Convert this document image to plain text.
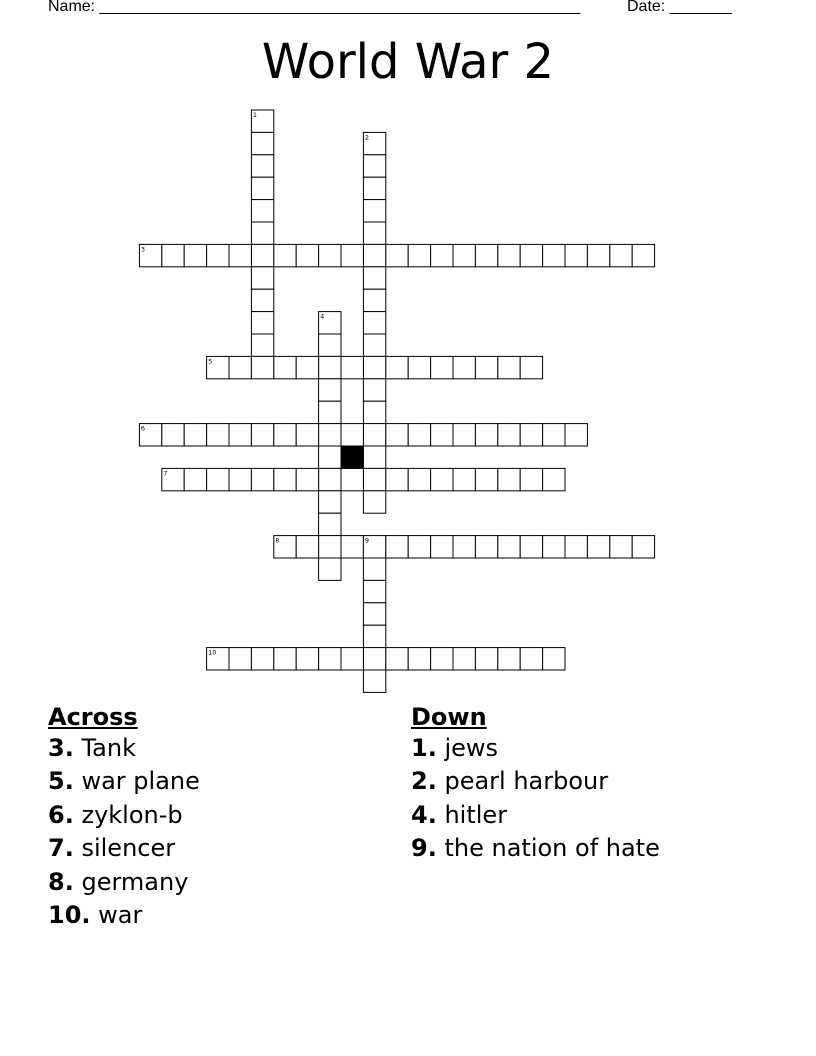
Name: ______________________________________________________	Date: _______
World War 2
1
2
3
4
5
6
7
8	9
10
Across
3. Tank
5. war plane
6. zyklon-b
7. silencer
8. germany
10. war
Down
1. jews
2. pearl harbour
4. hitler
9. the nation of hate
